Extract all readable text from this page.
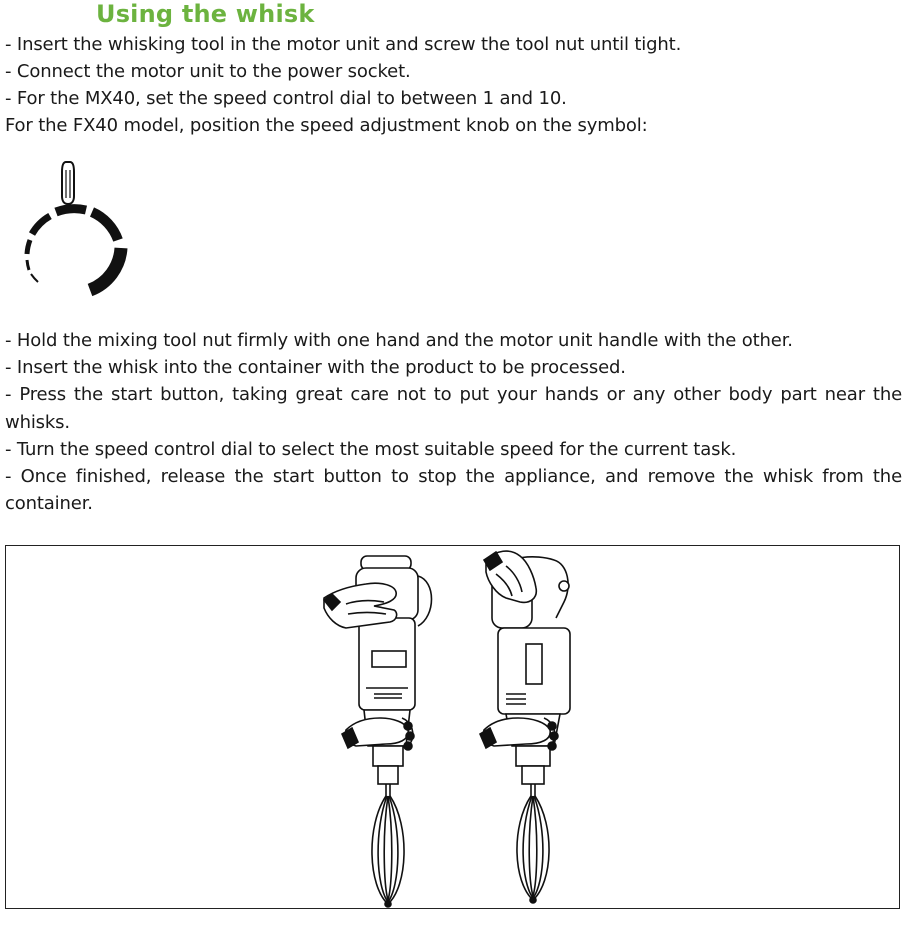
Using the whisk
- Insert the whisking tool in the motor unit and screw the tool nut until tight.
- Connect the motor unit to the power socket.
- For the MX40, set the speed control dial to between 1 and 10.
For the FX40 model, position the speed adjustment knob on the symbol:
- Hold the mixing tool nut firmly with one hand and the motor unit handle with the other.
- Insert the whisk into the container with the product to be processed.
- Press the start button, taking great care not to put your hands or any other body part near the whisks.
- Turn the speed control dial to select the most suitable speed for the current task.
- Once finished, release the start button to stop the appliance, and remove the whisk from the container.
